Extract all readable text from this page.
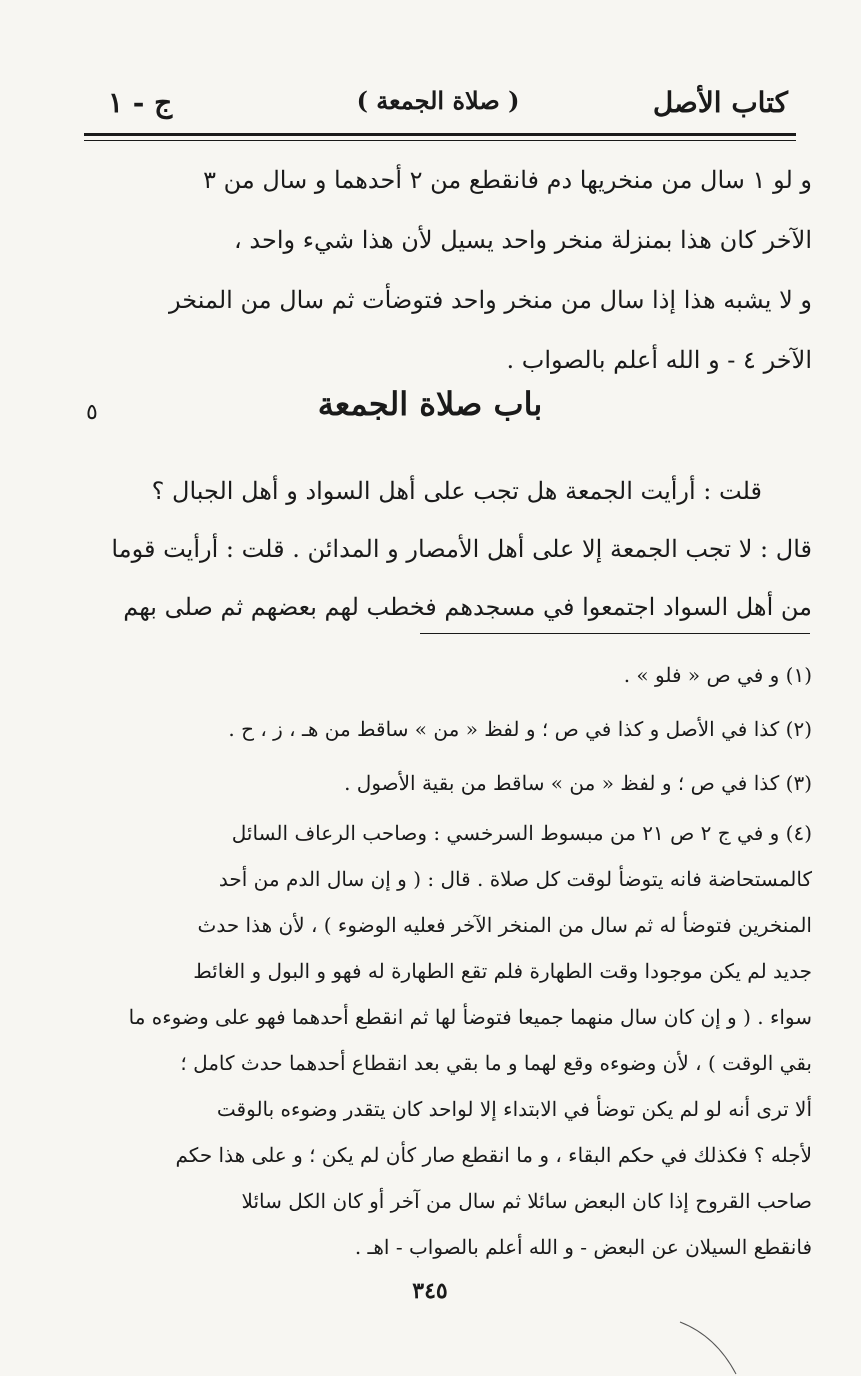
كتاب الأصل
( صلاة الجمعة )
ج - ١

و لو ١ سال من منخريها دم فانقطع من ٢ أحدهما و سال من ٣

الآخر كان هذا بمنزلة منخر واحد يسيل لأن هذا شيء واحد ،

و لا يشبه هذا إذا سال من منخر واحد فتوضأت ثم سال من المنخر

الآخر ٤ - و الله أعلم بالصواب .

٥	باب صلاة الجمعة

قلت : أرأيت الجمعة هل تجب على أهل السواد و أهل الجبال ؟

قال : لا تجب الجمعة إلا على أهل الأمصار و المدائن . قلت : أرأيت قوما

من أهل السواد اجتمعوا في مسجدهم فخطب لهم بعضهم ثم صلى بهم

(١) و في ص « فلو » .

(٢) كذا في الأصل و كذا في ص ؛ و لفظ « من » ساقط من هـ ، ز ، ح .

(٣) كذا في ص ؛ و لفظ « من » ساقط من بقية الأصول .

(٤) و في ج ٢ ص ٢١ من مبسوط السرخسي : وصاحب الرعاف السائل

كالمستحاضة فانه يتوضأ لوقت كل صلاة . قال : ( و إن سال الدم من أحد

المنخرين فتوضأ له ثم سال من المنخر الآخر فعليه الوضوء ) ، لأن هذا حدث

جديد لم يكن موجودا وقت الطهارة فلم تقع الطهارة له فهو و البول و الغائط

سواء . ( و إن كان سال منهما جميعا فتوضأ لها ثم انقطع أحدهما فهو على وضوءه ما

بقي الوقت ) ، لأن وضوءه وقع لهما و ما بقي بعد انقطاع أحدهما حدث كامل ؛

ألا ترى أنه لو لم يكن توضأ في الابتداء إلا لواحد كان يتقدر وضوءه بالوقت

لأجله ؟ فكذلك في حكم البقاء ، و ما انقطع صار كأن لم يكن ؛ و على هذا حكم

صاحب القروح إذا كان البعض سائلا ثم سال من آخر أو كان الكل سائلا

فانقطع السيلان عن البعض - و الله أعلم بالصواب - اهـ .

٣٤٥
